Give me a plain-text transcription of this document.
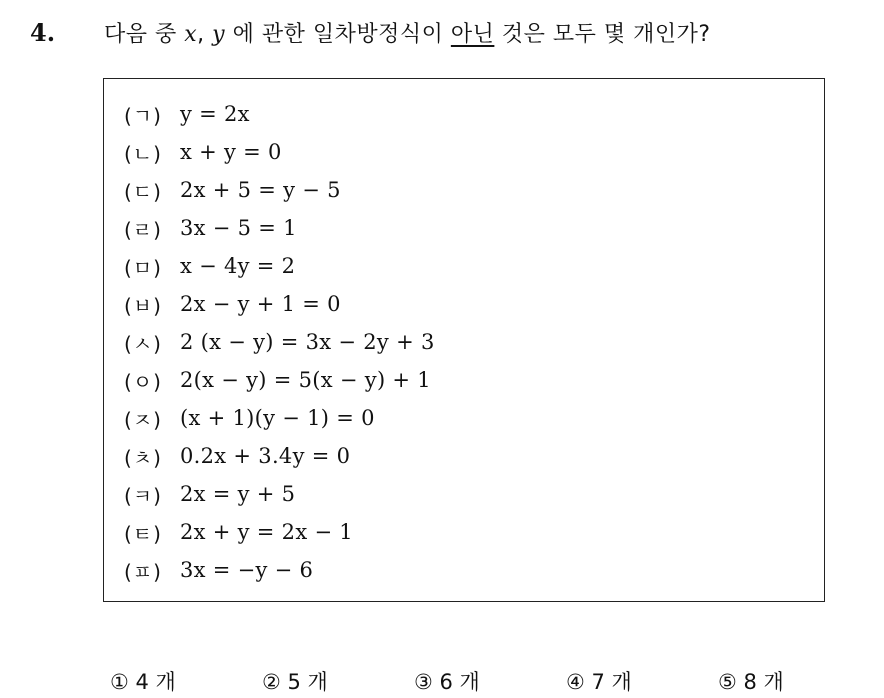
4.	다음 중 x, y 에 관한 일차방정식이 아닌 것은 모두 몇 개인가?
(ㄱ) y = 2x
(ㄴ) x + y = 0
(ㄷ) 2x + 5 = y − 5
(ㄹ) 3x − 5 = 1
(ㅁ) x − 4y = 2
(ㅂ) 2x − y + 1 = 0
(ㅅ) 2 (x − y) = 3x − 2y + 3
(ㅇ) 2(x − y) = 5(x − y) + 1
(ㅈ) (x + 1)(y − 1) = 0
(ㅊ) 0.2x + 3.4y = 0
(ㅋ) 2x = y + 5
(ㅌ) 2x + y = 2x − 1
(ㅍ) 3x = −y − 6
① 4 개	② 5 개	③ 6 개	④ 7 개	⑤ 8 개
